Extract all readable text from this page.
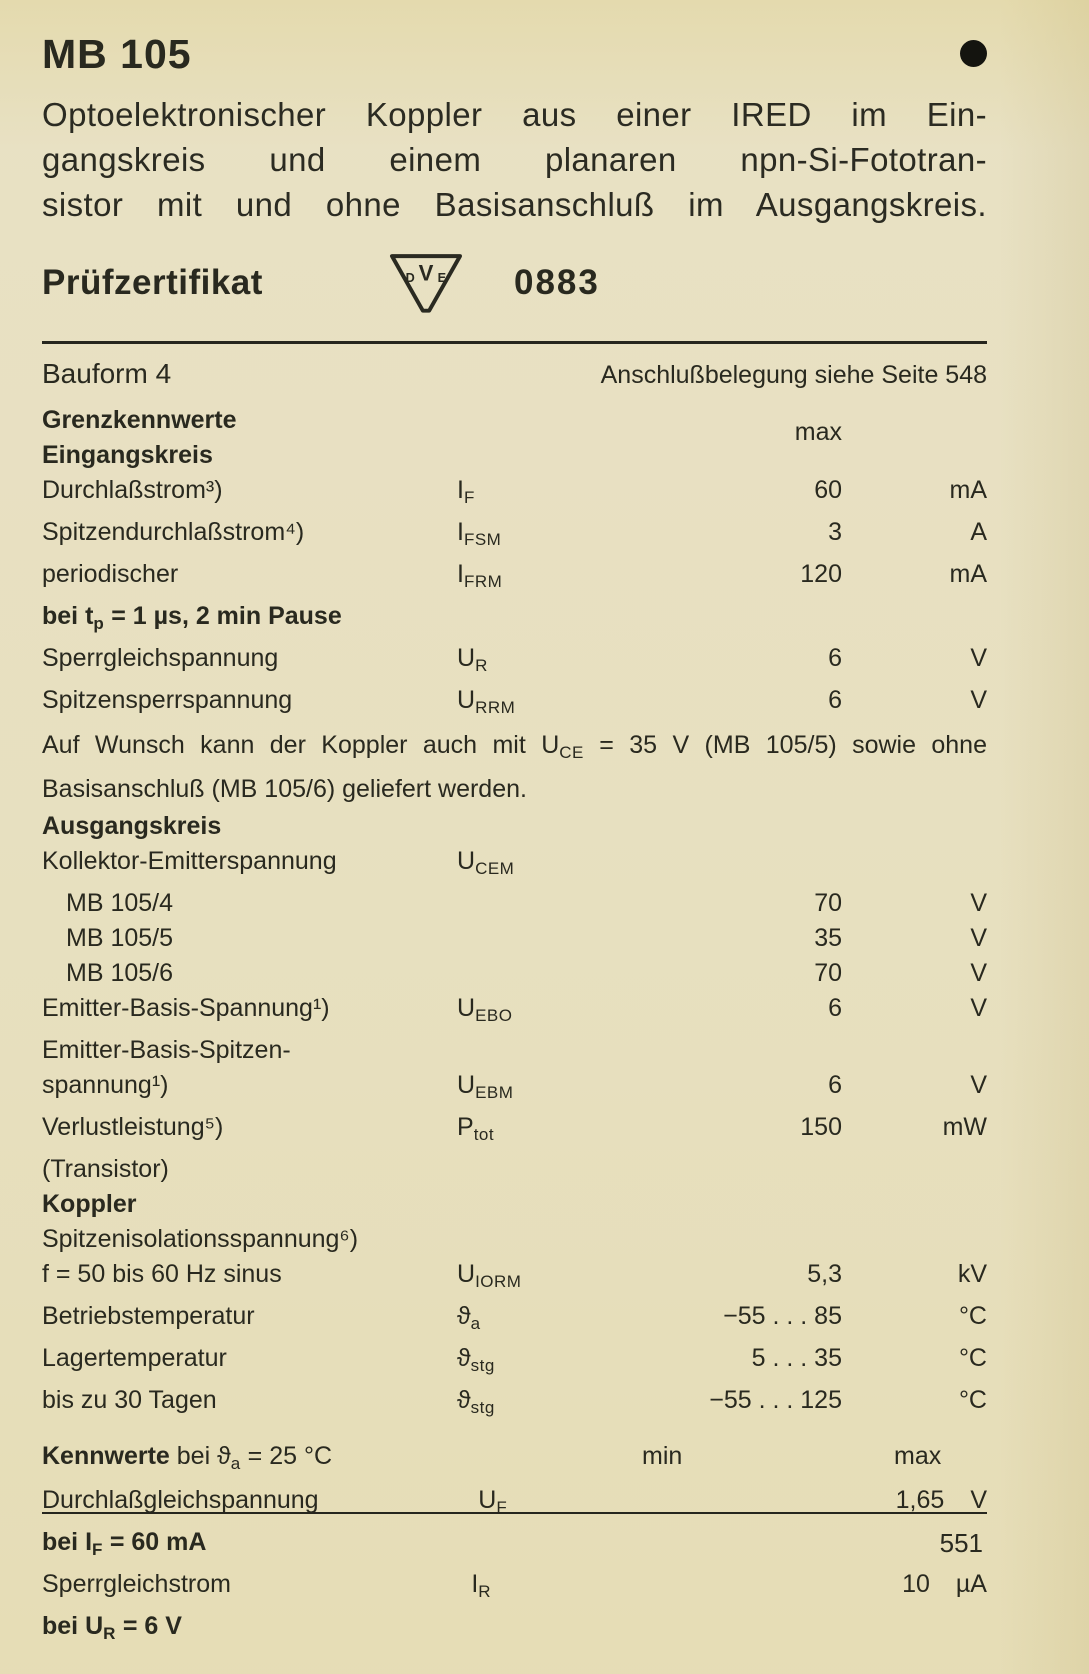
MB 105
Optoelektronischer Koppler aus einer IRED im Ein-
gangskreis und einem planaren npn-Si-Fototran-
sistor mit und ohne Basisanschluß im Ausgangskreis.
Prüfzertifikat	V
D E 0883
Bauform 4	Anschlußbelegung siehe Seite 548
Grenzkennwerte	max
Eingangskreis
Durchlaßstrom³)	$I_F$	60	mA
Spitzendurchlaßstrom⁴)	$I_{FSM}$	3	A
periodischer	$I_{FRM}$	120	mA
bei $t_p = 1$ µs, 2 min Pause
Sperrgleichspannung	$U_R$	6	V
Spitzensperrspannung	$U_{RRM}$	6	V
Auf Wunsch kann der Koppler auch mit $U_{CE} = 35$ V (MB 105/5) sowie ohne Basisanschluß (MB 105/6) geliefert werden.
Ausgangskreis
Kollektor-Emitterspannung	$U_{CEM}$
MB 105/4	70	V
MB 105/5	35	V
MB 105/6	70	V
Emitter-Basis-Spannung¹)	$U_{EBO}$	6	V
Emitter-Basis-Spitzen-
spannung¹)	$U_{EBM}$	6	V
Verlustleistung⁵)	$P_{tot}$	150	mW
(Transistor)
Koppler
Spitzenisolationsspannung⁶)
f = 50 bis 60 Hz sinus	$U_{IORM}$	5,3	kV
Betriebstemperatur	$ϑ_a$	−55 . . . 85	°C
Lagertemperatur	$ϑ_{stg}$	5 . . . 35	°C
bis zu 30 Tagen	$ϑ_{stg}$	−55 . . . 125	°C
Kennwerte bei $ϑ_a = 25$ °C	min	max
Durchlaßgleichspannung	$U_F$	1,65	V
bei $I_F = 60$ mA
Sperrgleichstrom	$I_R$	10	µA
bei $U_R = 6$ V
551
